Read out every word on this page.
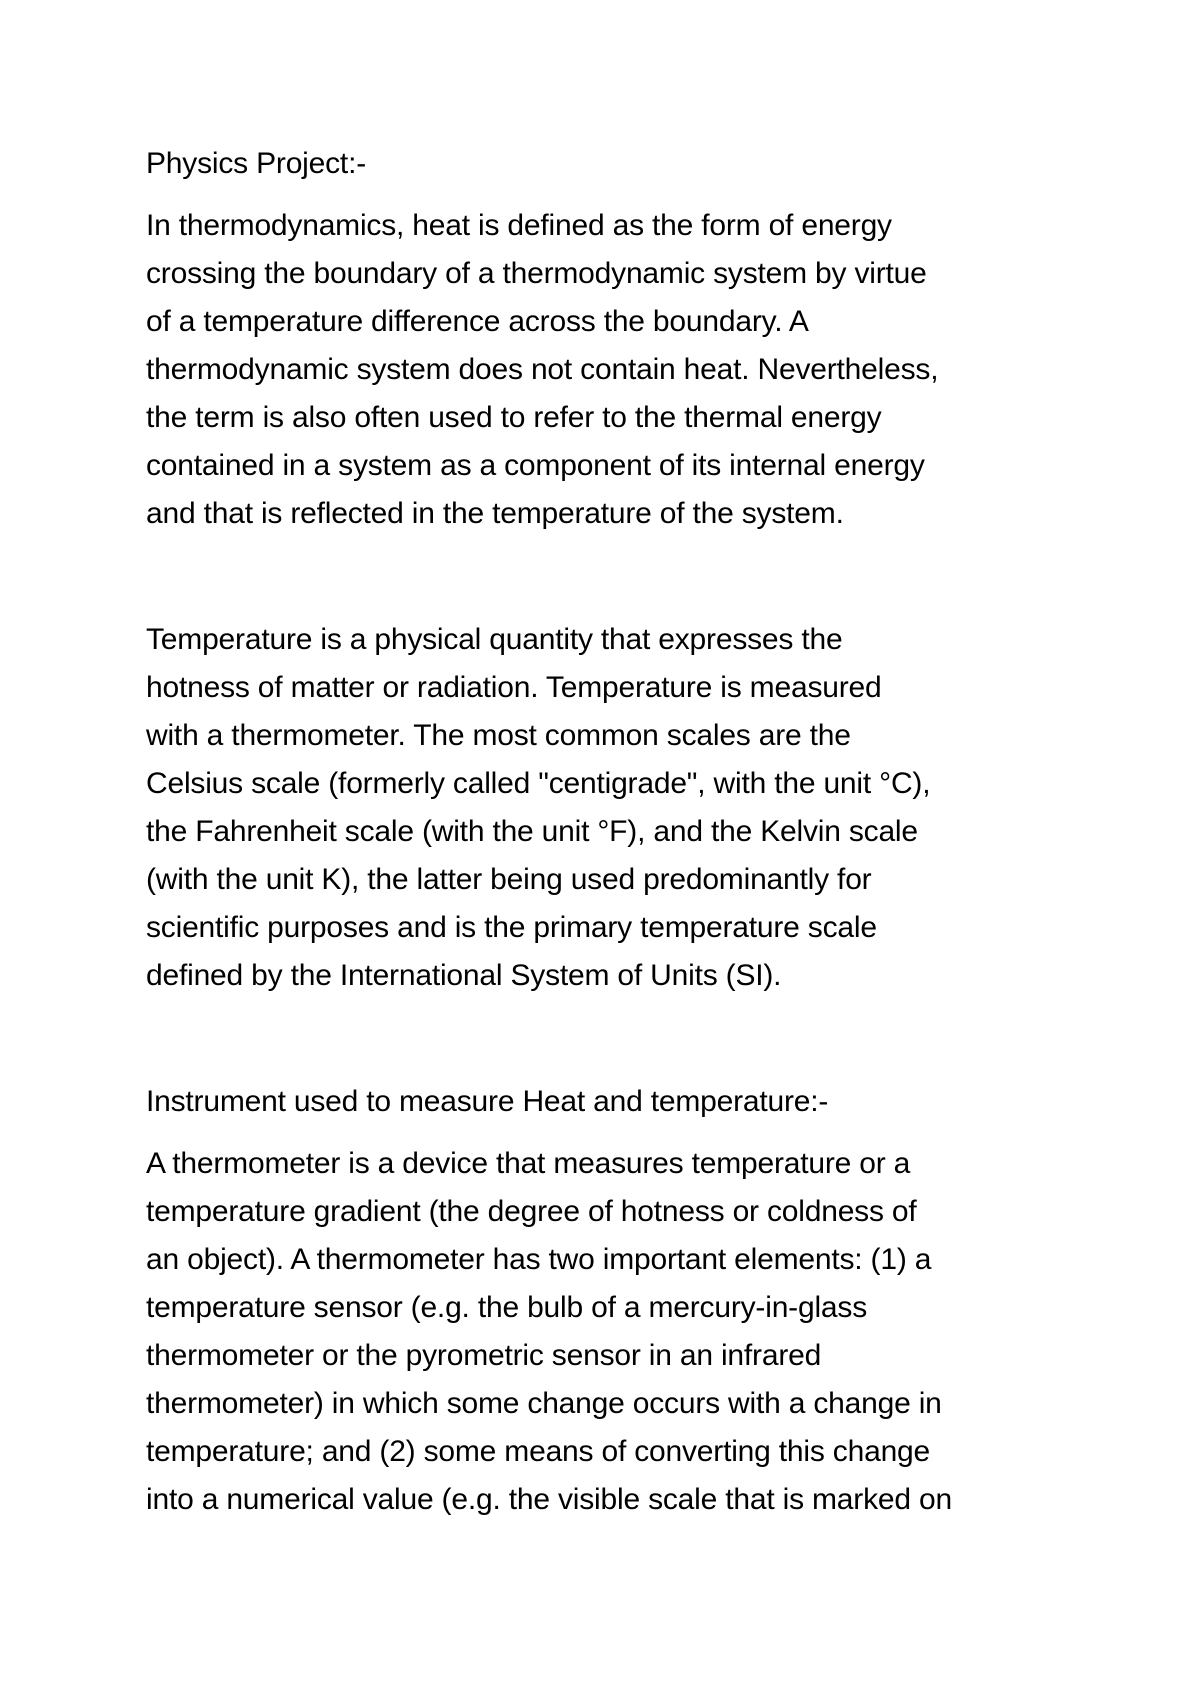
Physics Project:-
In thermodynamics, heat is defined as the form of energy
crossing the boundary of a thermodynamic system by virtue
of a temperature difference across the boundary. A
thermodynamic system does not contain heat. Nevertheless,
the term is also often used to refer to the thermal energy
contained in a system as a component of its internal energy
and that is reflected in the temperature of the system.
Temperature is a physical quantity that expresses the
hotness of matter or radiation. Temperature is measured
with a thermometer. The most common scales are the
Celsius scale (formerly called "centigrade", with the unit °C),
the Fahrenheit scale (with the unit °F), and the Kelvin scale
(with the unit K), the latter being used predominantly for
scientific purposes and is the primary temperature scale
defined by the International System of Units (SI).
Instrument used to measure Heat and temperature:-
A thermometer is a device that measures temperature or a
temperature gradient (the degree of hotness or coldness of
an object). A thermometer has two important elements: (1) a
temperature sensor (e.g. the bulb of a mercury-in-glass
thermometer or the pyrometric sensor in an infrared
thermometer) in which some change occurs with a change in
temperature; and (2) some means of converting this change
into a numerical value (e.g. the visible scale that is marked on
